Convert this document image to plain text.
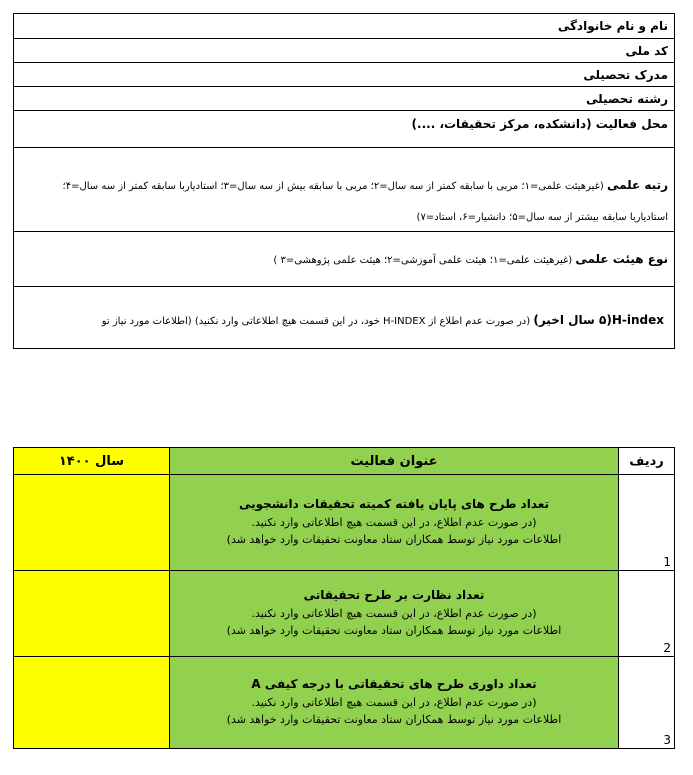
نام و نام خانوادگی
کد ملی
مدرک تحصیلی
رشته تحصیلی
محل فعالیت (دانشکده، مرکز تحقیقات، ....)
رتبه علمی (غیرهیئت علمی=۱؛ مربی با سابقه کمتر از سه سال=۲؛ مربی با سابقه بیش از سه سال=۳؛ استادیاربا سابقه کمتر از سه سال=۴؛
استادیاربا سابقه بیشتر از سه سال=۵؛ دانشیار=۶، استاد=۷)
نوع هیئت علمی (غیرهیئت علمی=۱؛ هیئت علمی آموزشی=۲؛ هیئت علمی پژوهشی=۳ )
H-index(۵ سال اخیر) (در صورت عدم اطلاع از H-INDEX خود، در این قسمت هیچ اطلاعاتی وارد نکنید) (اطلاعات مورد نیاز تو
سال ۱۴۰۰	عنوان فعالیت	ردیف
تعداد طرح های پایان یافته کمیته تحقیقات دانشجویی
(در صورت عدم اطلاع، در این قسمت هیچ اطلاعاتی وارد نکنید.
اطلاعات مورد نیاز توسط همکاران ستاد معاونت تحقیقات وارد خواهد شد)
1
تعداد نظارت بر طرح تحقیقاتی
(در صورت عدم اطلاع، در این قسمت هیچ اطلاعاتی وارد نکنید.
اطلاعات مورد نیاز توسط همکاران ستاد معاونت تحقیقات وارد خواهد شد)
2
تعداد داوری طرح های تحقیقاتی با درجه کیفی A
(در صورت عدم اطلاع، در این قسمت هیچ اطلاعاتی وارد نکنید.
اطلاعات مورد نیاز توسط همکاران ستاد معاونت تحقیقات وارد خواهد شد)
3
